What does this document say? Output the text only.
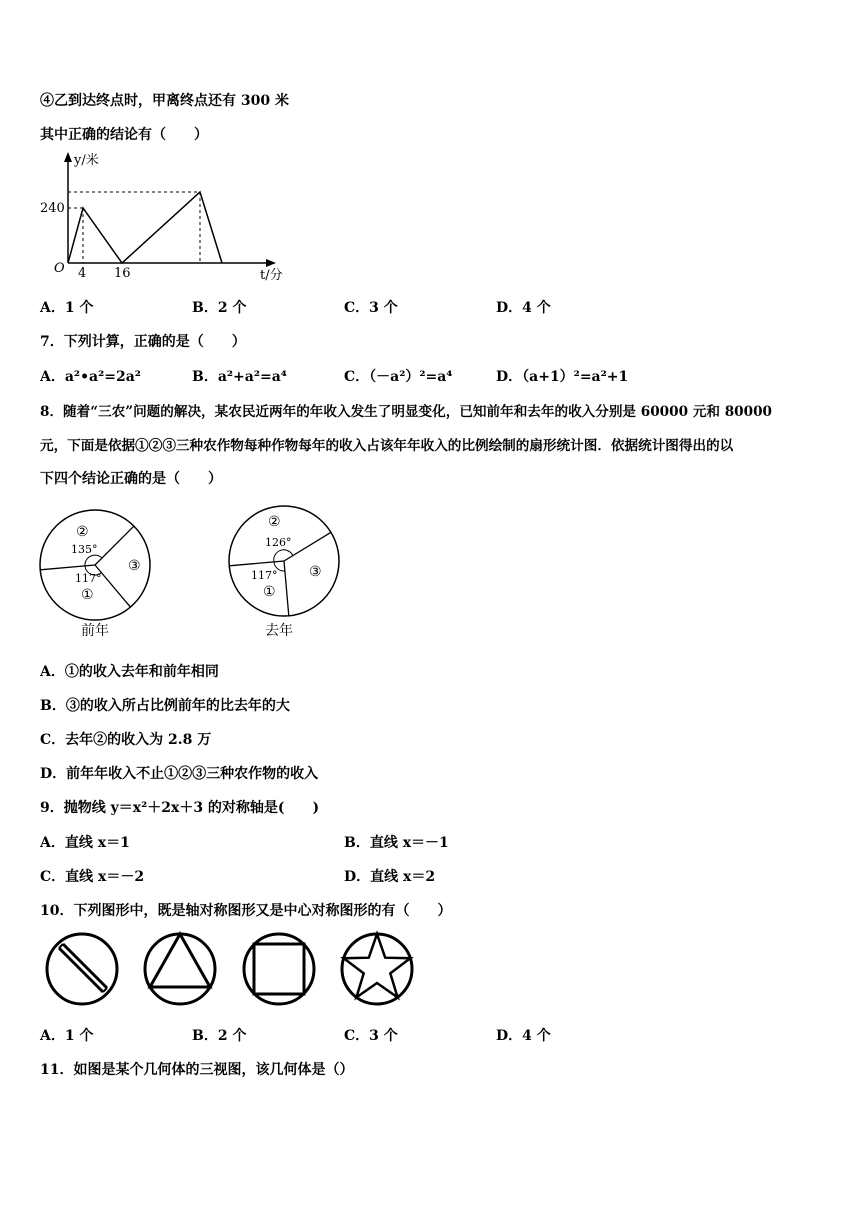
④乙到达终点时，甲离终点还有 300 米
其中正确的结论有（　　）
y/米
240
O 4 16	t/分
A．1 个	B．2 个	C．3 个	D．4 个
7．下列计算，正确的是（　　）
A．a²•a²=2a²	B．a²+a²=a⁴	C．（－a²）²=a⁴	D．（a+1）²=a²+1
8．随着“三农”问题的解决，某农民近两年的年收入发生了明显变化，已知前年和去年的收入分别是 60000 元和 80000
元，下面是依据①②③三种农作物每种作物每年的收入占该年年收入的比例绘制的扇形统计图．依据统计图得出的以
下四个结论正确的是（　　）
②
135°
③
117°
①
前年
②
126°
③
117°
①
去年
A．①的收入去年和前年相同
B．③的收入所占比例前年的比去年的大
C．去年②的收入为 2.8 万
D．前年年收入不止①②③三种农作物的收入
9．抛物线 y＝x²＋2x＋3 的对称轴是(　　)
A．直线 x＝1	B．直线 x＝－1
C．直线 x＝－2	D．直线 x＝2
10．下列图形中，既是轴对称图形又是中心对称图形的有（　　）
A．1 个	B．2 个	C．3 个	D．4 个
11．如图是某个几何体的三视图，该几何体是（）
